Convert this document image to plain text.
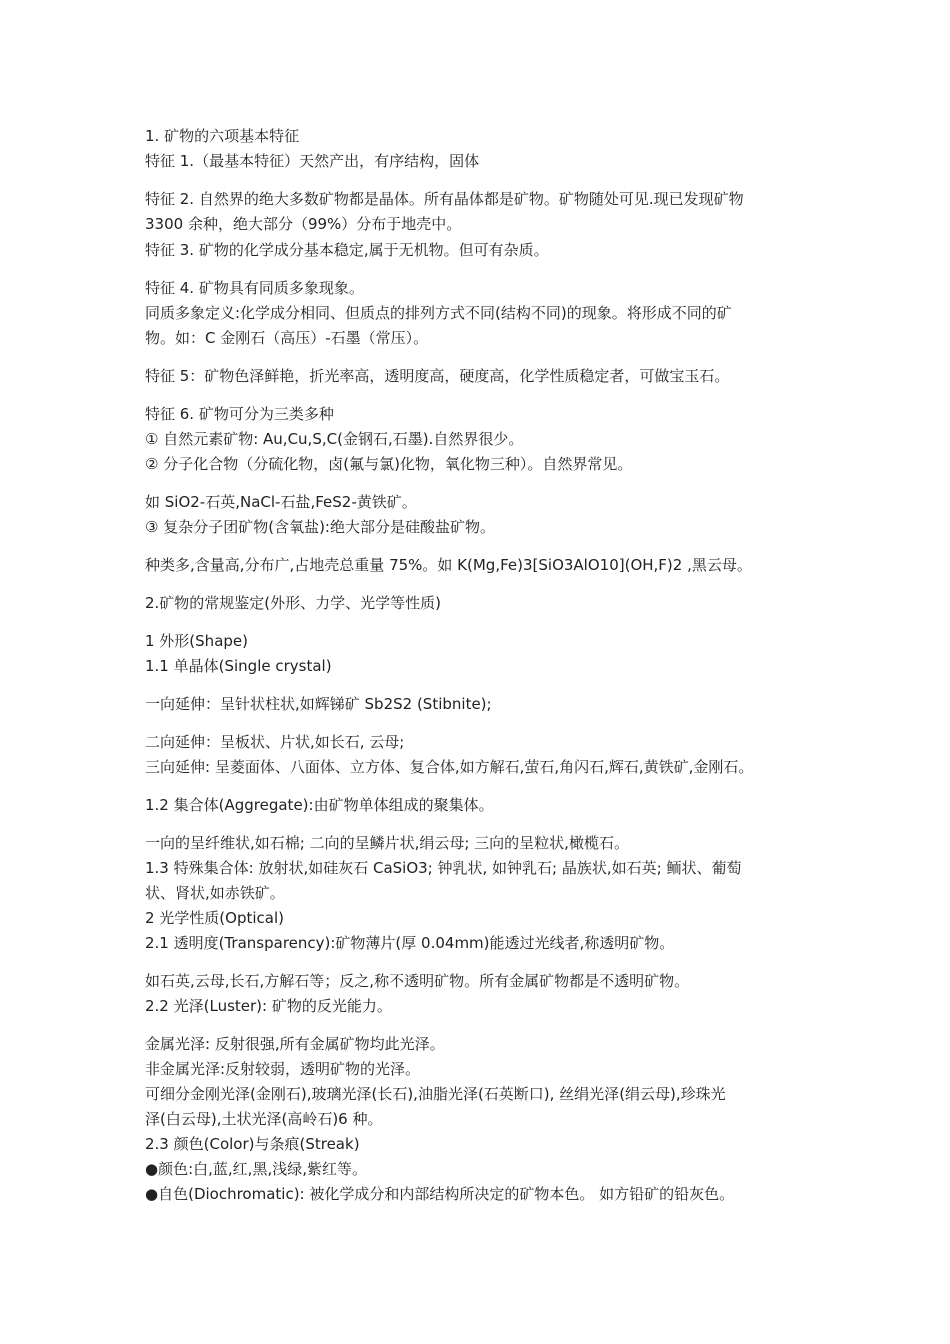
1. 矿物的六项基本特征
特征 1.（最基本特征）天然产出，有序结构，固体
特征 2. 自然界的绝大多数矿物都是晶体。所有晶体都是矿物。矿物随处可见.现已发现矿物
3300 余种，绝大部分（99%）分布于地壳中。
特征 3. 矿物的化学成分基本稳定,属于无机物。但可有杂质。
特征 4. 矿物具有同质多象现象。
同质多象定义:化学成分相同、但质点的排列方式不同(结构不同)的现象。将形成不同的矿
物。如：C 金刚石（高压）-石墨（常压）。
特征 5：矿物色泽鲜艳，折光率高，透明度高，硬度高，化学性质稳定者，可做宝玉石。
特征 6. 矿物可分为三类多种
① 自然元素矿物: Au,Cu,S,C(金钢石,石墨).自然界很少。
② 分子化合物（分硫化物，卤(氟与氯)化物，氧化物三种）。自然界常见。
如 SiO2-石英,NaCl-石盐,FeS2-黄铁矿。
③ 复杂分子团矿物(含氧盐):绝大部分是硅酸盐矿物。
种类多,含量高,分布广,占地壳总重量 75%。如 K(Mg,Fe)3[SiO3AlO10](OH,F)2 ,黑云母。
2.矿物的常规鉴定(外形、力学、光学等性质)
1 外形(Shape)
1.1 单晶体(Single crystal)
一向延伸：呈针状柱状,如辉锑矿 Sb2S2 (Stibnite);
二向延伸：呈板状、片状,如长石, 云母;
三向延伸: 呈菱面体、八面体、立方体、复合体,如方解石,萤石,角闪石,辉石,黄铁矿,金刚石。
1.2 集合体(Aggregate):由矿物单体组成的聚集体。
一向的呈纤维状,如石棉; 二向的呈鳞片状,绢云母; 三向的呈粒状,橄榄石。
1.3 特殊集合体: 放射状,如硅灰石 CaSiO3; 钟乳状, 如钟乳石; 晶族状,如石英; 鲕状、葡萄
状、肾状,如赤铁矿。
2 光学性质(Optical)
2.1 透明度(Transparency):矿物薄片(厚 0.04mm)能透过光线者,称透明矿物。
如石英,云母,长石,方解石等；反之,称不透明矿物。所有金属矿物都是不透明矿物。
2.2 光泽(Luster): 矿物的反光能力。
金属光泽: 反射很强,所有金属矿物均此光泽。
非金属光泽:反射较弱，透明矿物的光泽。
可细分金刚光泽(金刚石),玻璃光泽(长石),油脂光泽(石英断口), 丝绢光泽(绢云母),珍珠光
泽(白云母),土状光泽(高岭石)6 种。
2.3 颜色(Color)与条痕(Streak)
●颜色:白,蓝,红,黑,浅绿,紫红等。
●自色(Diochromatic): 被化学成分和内部结构所决定的矿物本色。 如方铅矿的铅灰色。
